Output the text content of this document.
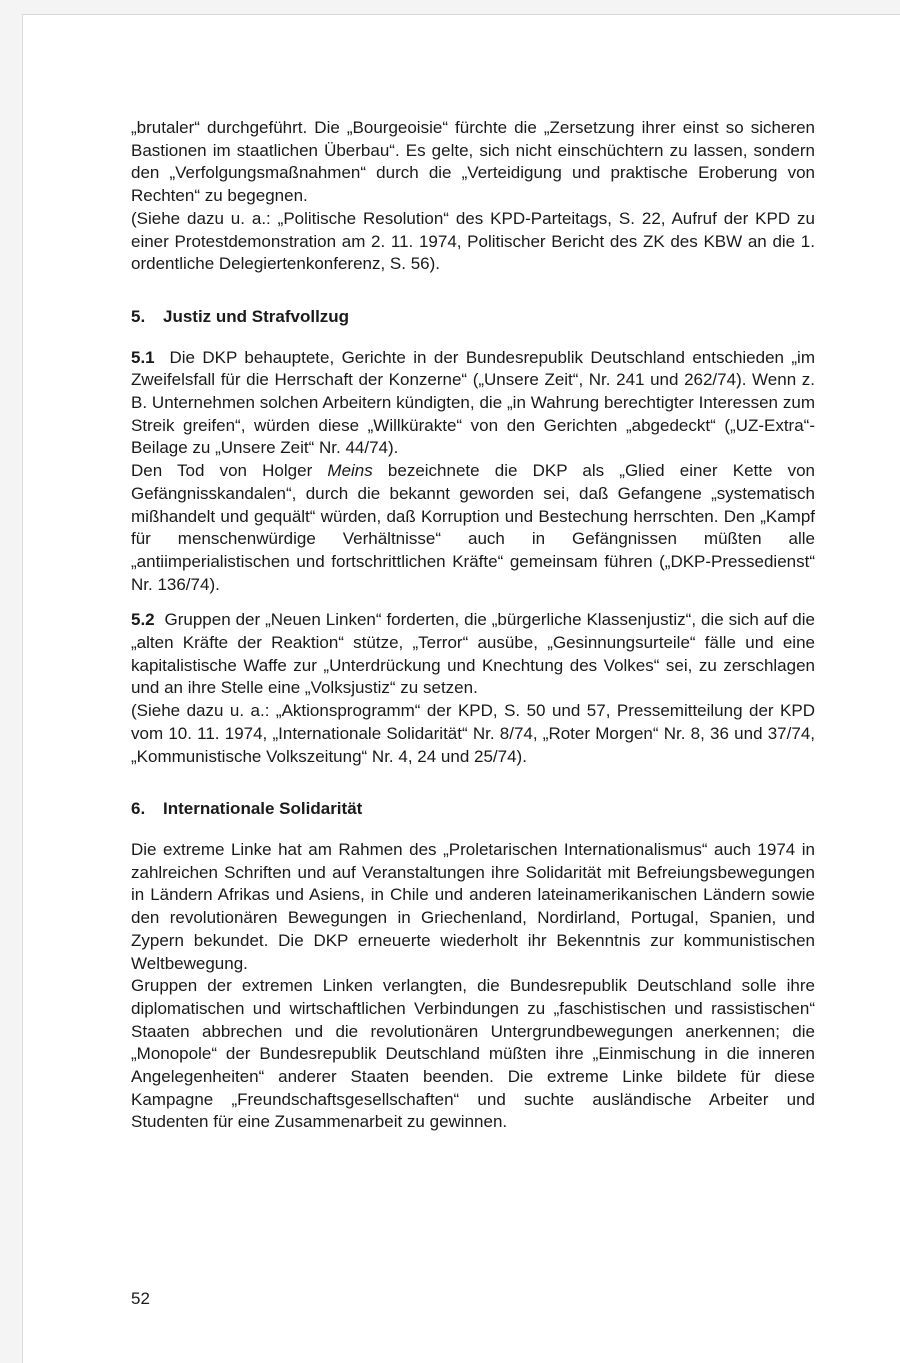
„brutaler“ durchgeführt. Die „Bourgeoisie“ fürchte die „Zersetzung ihrer einst so sicheren Bastionen im staatlichen Überbau“. Es gelte, sich nicht einschüchtern zu lassen, sondern den „Verfolgungsmaßnahmen“ durch die „Verteidigung und praktische Eroberung von Rechten“ zu begegnen.

(Siehe dazu u. a.: „Politische Resolution“ des KPD-Parteitags, S. 22, Aufruf der KPD zu einer Protestdemonstration am 2. 11. 1974, Politischer Bericht des ZK des KBW an die 1. ordentliche Delegiertenkonferenz, S. 56).

5. Justiz und Strafvollzug

5.1 Die DKP behauptete, Gerichte in der Bundesrepublik Deutschland entschieden „im Zweifelsfall für die Herrschaft der Konzerne“ („Unsere Zeit“, Nr. 241 und 262/74). Wenn z. B. Unternehmen solchen Arbeitern kündigten, die „in Wahrung berechtigter Interessen zum Streik greifen“, würden diese „Willkürakte“ von den Gerichten „abgedeckt“ („UZ-Extra“-Beilage zu „Unsere Zeit“ Nr. 44/74).

Den Tod von Holger Meins bezeichnete die DKP als „Glied einer Kette von Gefängnisskandalen“, durch die bekannt geworden sei, daß Gefangene „systematisch mißhandelt und gequält“ würden, daß Korruption und Bestechung herrschten. Den „Kampf für menschenwürdige Verhältnisse“ auch in Gefängnissen müßten alle „antiimperialistischen und fortschrittlichen Kräfte“ gemeinsam führen („DKP-Pressedienst“ Nr. 136/74).

5.2 Gruppen der „Neuen Linken“ forderten, die „bürgerliche Klassenjustiz“, die sich auf die „alten Kräfte der Reaktion“ stütze, „Terror“ ausübe, „Gesinnungsurteile“ fälle und eine kapitalistische Waffe zur „Unterdrückung und Knechtung des Volkes“ sei, zu zerschlagen und an ihre Stelle eine „Volksjustiz“ zu setzen.

(Siehe dazu u. a.: „Aktionsprogramm“ der KPD, S. 50 und 57, Pressemitteilung der KPD vom 10. 11. 1974, „Internationale Solidarität“ Nr. 8/74, „Roter Morgen“ Nr. 8, 36 und 37/74, „Kommunistische Volkszeitung“ Nr. 4, 24 und 25/74).

6. Internationale Solidarität

Die extreme Linke hat am Rahmen des „Proletarischen Internationalismus“ auch 1974 in zahlreichen Schriften und auf Veranstaltungen ihre Solidarität mit Befreiungsbewegungen in Ländern Afrikas und Asiens, in Chile und anderen lateinamerikanischen Ländern sowie den revolutionären Bewegungen in Griechenland, Nordirland, Portugal, Spanien, und Zypern bekundet. Die DKP erneuerte wiederholt ihr Bekenntnis zur kommunistischen Weltbewegung.

Gruppen der extremen Linken verlangten, die Bundesrepublik Deutschland solle ihre diplomatischen und wirtschaftlichen Verbindungen zu „faschistischen und rassistischen“ Staaten abbrechen und die revolutionären Untergrundbewegungen anerkennen; die „Monopole“ der Bundesrepublik Deutschland müßten ihre „Einmischung in die inneren Angelegenheiten“ anderer Staaten beenden. Die extreme Linke bildete für diese Kampagne „Freundschaftsgesellschaften“ und suchte ausländische Arbeiter und Studenten für eine Zusammenarbeit zu gewinnen.

52
